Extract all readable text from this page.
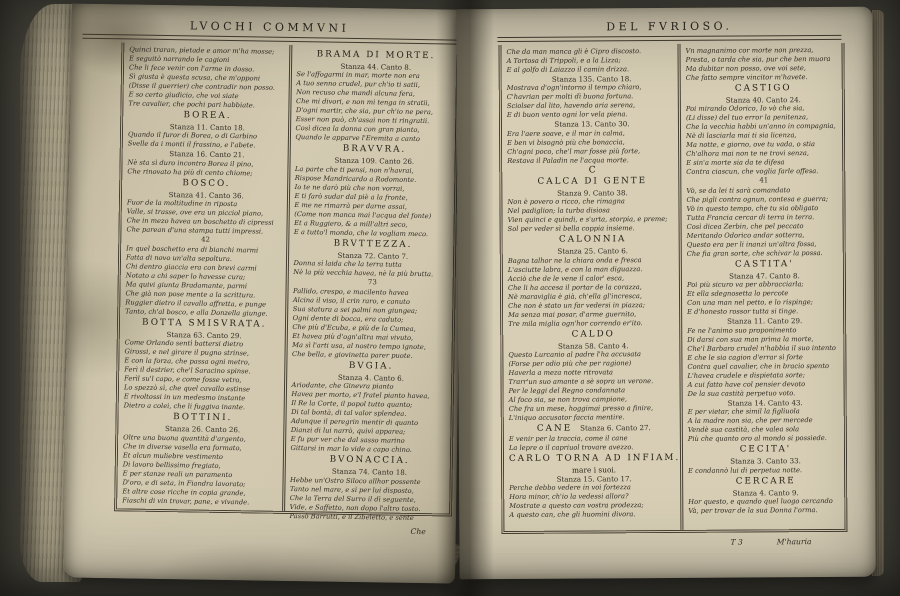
LVOCHI COMMVNI
Quinci traran, pietade e amor m'ha mosse;
E seguitò narrando le cagioni
Che li fece venir con l'arme in dosso.
Sì giusta è questa scusa, che m'opponi
(Disse il guerrier) che contradir non posso.
E so certo giudicio, che voi siate
Tre cavalier, che pochi pari habbiate.
BOREA.
Stanza 11. Canto 18.
Quando il furor di Borea, o di Garbino
Svelle da i monti il frassino, e l'abete.
Stanza 16. Canto 21.
Nè sta sì duro incontro Borea il pino,
Che rinovato ha più di cento chiome;
BOSCO.
Stanza 41. Canto 36.
Fuor de la moltitudine in riposta
Valle, si trasse, ove era un picciol piano,
Che in mezo havea un boschetto di cipressi
Che parean d'una stampa tutti impressi.
42
In quel boschetto era di bianchi marmi
Fatta di novo un'alta sepoltura.
Chi dentro giaccia era con brevi carmi
Notato a chi saper lo havesse cura;
Ma quivi giunta Bradamante, parmi
Che già non pose mente a la scrittura.
Ruggier dietro il cavallo affretta, e punge
Tanto, ch'al bosco, e alla Donzella giunge.
BOTTA SMISVRATA.
Stanza 63. Canto 29.
Come Orlando sentì battersi dietro
Girossi, e nel girare il pugno strinse,
E con la forza, che passa ogni metro,
Ferì il destrier, che'l Saracino spinse.
Ferìl su'l capo, e come fosse vetro,
Lo spezzò sì, che quel cavallo estinse
E rivoltossi in un medesmo instante
Dietro a colei, che li fuggiva inante.
BOTTINI.
Stanza 26. Canto 26.
Oltre una buona quantità d'argento,
Che in diverse vasella era formato,
Et alcun muliebre vestimento
Di lavoro bellissimo fregiato,
E per stanze reali un paramento
D'oro, e di seta, in Fiandra lavorato;
Et altre cose ricche in copia grande,
Fiaschi di vin trovar, pane, e vivande.
BRAMA DI MORTE.
Stanza 44. Canto 8.
Se l'affogarmi in mar, morte non era
A tuo senno crudel, pur ch'io ti satii,
Non recuso che mandi alcuna fera,
Che mi divori, e non mi tenga in stratii,
D'ogni martir, che sia, pur ch'io ne pera,
Esser non può, ch'assai non ti ringratii.
Così dicea la donna con gran pianto,
Quando le apparve l'Eremita a canto
BRAVVRA.
Stanza 109. Canto 26.
La parte che ti pensi, non n'havrai,
Rispose Mandricardo a Rodomonte.
Io te ne darò più che non vorrai,
E ti farò sudar dal piè a la fronte,
E me ne rimarrà per darne assai,
(Come non manca mai l'acqua del fonte)
Et a Ruggiero, & a mill'altri seco,
E a tutto'l mondo, che la vogliam meco.
BRVTTEZZA.
Stanza 72. Canto 7.
Donna sì laida che la terra tutta
Nè la più vecchia havea, nè la più brutta.
73
Pallido, crespo, e macilento havea
Alcina il viso, il crin raro, e canuto
Sua statura a sei palmi non giungea;
Ogni dente di bocca, era caduto;
Che più d'Ecuba, e più de la Cumea,
Et havea più d'ogn'altra mai vivuto,
Ma sì l'arti usa, al nostro tempo ignote,
Che bella, e giovinetta parer puote.
BVGIA.
Stanza 4. Canto 6.
Ariodante, che Ginevra pianto
Havea per morto, e'l fratel pianto havea,
Il Re la Corte, il popol tutto quanto;
Di tal bontà, di tal valor splendea.
Adunque il peregrin mentir di quanto
Dianzi di lui narrò, quivi apparea;
E fu pur ver che dal sasso marino
Gittarsi in mar lo vide a capo chino.
BVONACCIA.
Stanza 74. Canto 18.
Hebbe un'Ostro Siloco allhor possente
Tanto nel mare, e sì per lui disposto,
Che la Terra del Surro il dì seguente,
Vide, e Saffetto, non dopo l'altro tosto.
Passò Barrutti, e il Zibeletto, e sente
Che
DEL FVRIOSO.
Che da man manca gli è Cipro discosto.
A Tortosa di Trippoli, e a la Lizza;
E al golfo di Laiazzo il camin drizza.
Stanza 135. Canto 18.
Mostrava d'ogn'intorno il tempo chiaro,
C'havrian per molti dì buona fortuna.
Sciolser dal lito, havendo aria serena,
E di buon vento ogni lor vela piena.
Stanza 13. Canto 30.
Era l'aere soave, e il mar in calma,
E ben vi bisognò più che bonaccia,
Ch'ogni poco, che'l mar fosse più forte,
Restava il Paladin ne l'acqua morte.
C
CALCA DI GENTE
Stanza 9. Canto 38.
Non è povero o ricco, che rimagna
Nel padiglion; la turba disiosa
Vien quinci e quindi, e s'urta, storpia, e preme;
Sol per veder sì bella coppia insieme.
CALONNIA
Stanza 25. Canto 6.
Bagna talhor ne la chiara onda e fresca
L'asciutte labra, e con la man diguazza.
Acciò che de le vene il calor' esca,
Che li ha accesa il portar de la corazza,
Nè maraviglia è già, ch'ella gl'incresca,
Che non è stato un far vedersi in piazza;
Ma senza mai posar, d'arme guernito,
Tre mila miglia ogn'hor correndo er'ito.
CALDO
Stanza 58. Canto 4.
Questo Lurcanio al padre l'ha accusata
(Forse per odio più che per ragione)
Haverla a meza notte ritrovata
Trarr'un suo amante a sè sopra un verone.
Per le leggi del Regno condannata
Al foco sia, se non trova campione,
Che fra un mese, hoggimai presso a finire,
L'iniquo accusator faccia mentire.
CANE Stanza 6. Canto 27.
E venir per la traccia, come il cane
La lepre o il capriuol trovare avezzo.
CARLO TORNA AD INFIAM.
mare i suoi.
Stanza 15. Canto 17.
Perche debbo vedere in voi fortezza
Hora minor, ch'io la vedessi allora?
Mostrate a questo can vostra prodezza;
A questo can, che gli huomini divora.
Vn magnanimo cor morte non prezza,
Presta, o tarda che sia, pur che ben muora
Ma dubitar non posso, ove voi sete,
Che fatto sempre vincitor m'havete.
CASTIGO
Stanza 40. Canto 24.
Poi mirando Odorico, Io vò che sia,
(Li disse) del tuo error la penitenza,
Che la vecchia habbi un'anno in compagnia,
Nè di lasciarla mai ti sia licenza,
Ma notte, e giorno, ove tu vada, o stia
Ch'alhora mai non te ne trovi senza,
E sin'a morte sia da te difesa
Contra ciascun, che voglia farle offesa.
41
Vò, se da lei ti sarà comandato
Che pigli contra ognun, contesa e guerra;
Vò in questo tempo, che tu sia obligato
Tutta Francia cercar di terra in terra.
Così dicea Zerbin, che pel peccato
Meritando Odorico andar sotterra,
Questo era per li inanzi un'altra fossa,
Che fia gran sorte, che schivar la possa.
CASTITA'
Stanza 47. Canto 8.
Poi più sicuro va per abbracciarla;
Et ella sdegnosetta lo percote
Con una man nel petto, e lo rispinge;
E d'honesto rossor tutta si tinge.
Stanza 11. Canto 29.
Fe ne l'animo suo proponimento
Di darsi con sua man prima la morte,
Che'l Barbaro crudel n'habbia il suo intento
E che le sia cagion d'errar sì forte
Contra quel cavalier, che in bracio spento
L'havea crudele e dispietata sorte;
A cui fatto have col pensier devoto
De la sua castità perpetuo voto.
Stanza 14. Canto 43.
E per vietar, che simil la figliuola
A la madre non sia, che per mercede
Vendè sua castità, che valea sola
Più che quanto oro al mondo si possiede.
CECITA'
Stanza 3. Canto 33.
E condannò lui di perpetua notte.
CERCARE
Stanza 4. Canto 9.
Hor questo, e quando quel luogo cercando
Và, per trovar de la sua Donna l'orma.
T 3	M'hauria
